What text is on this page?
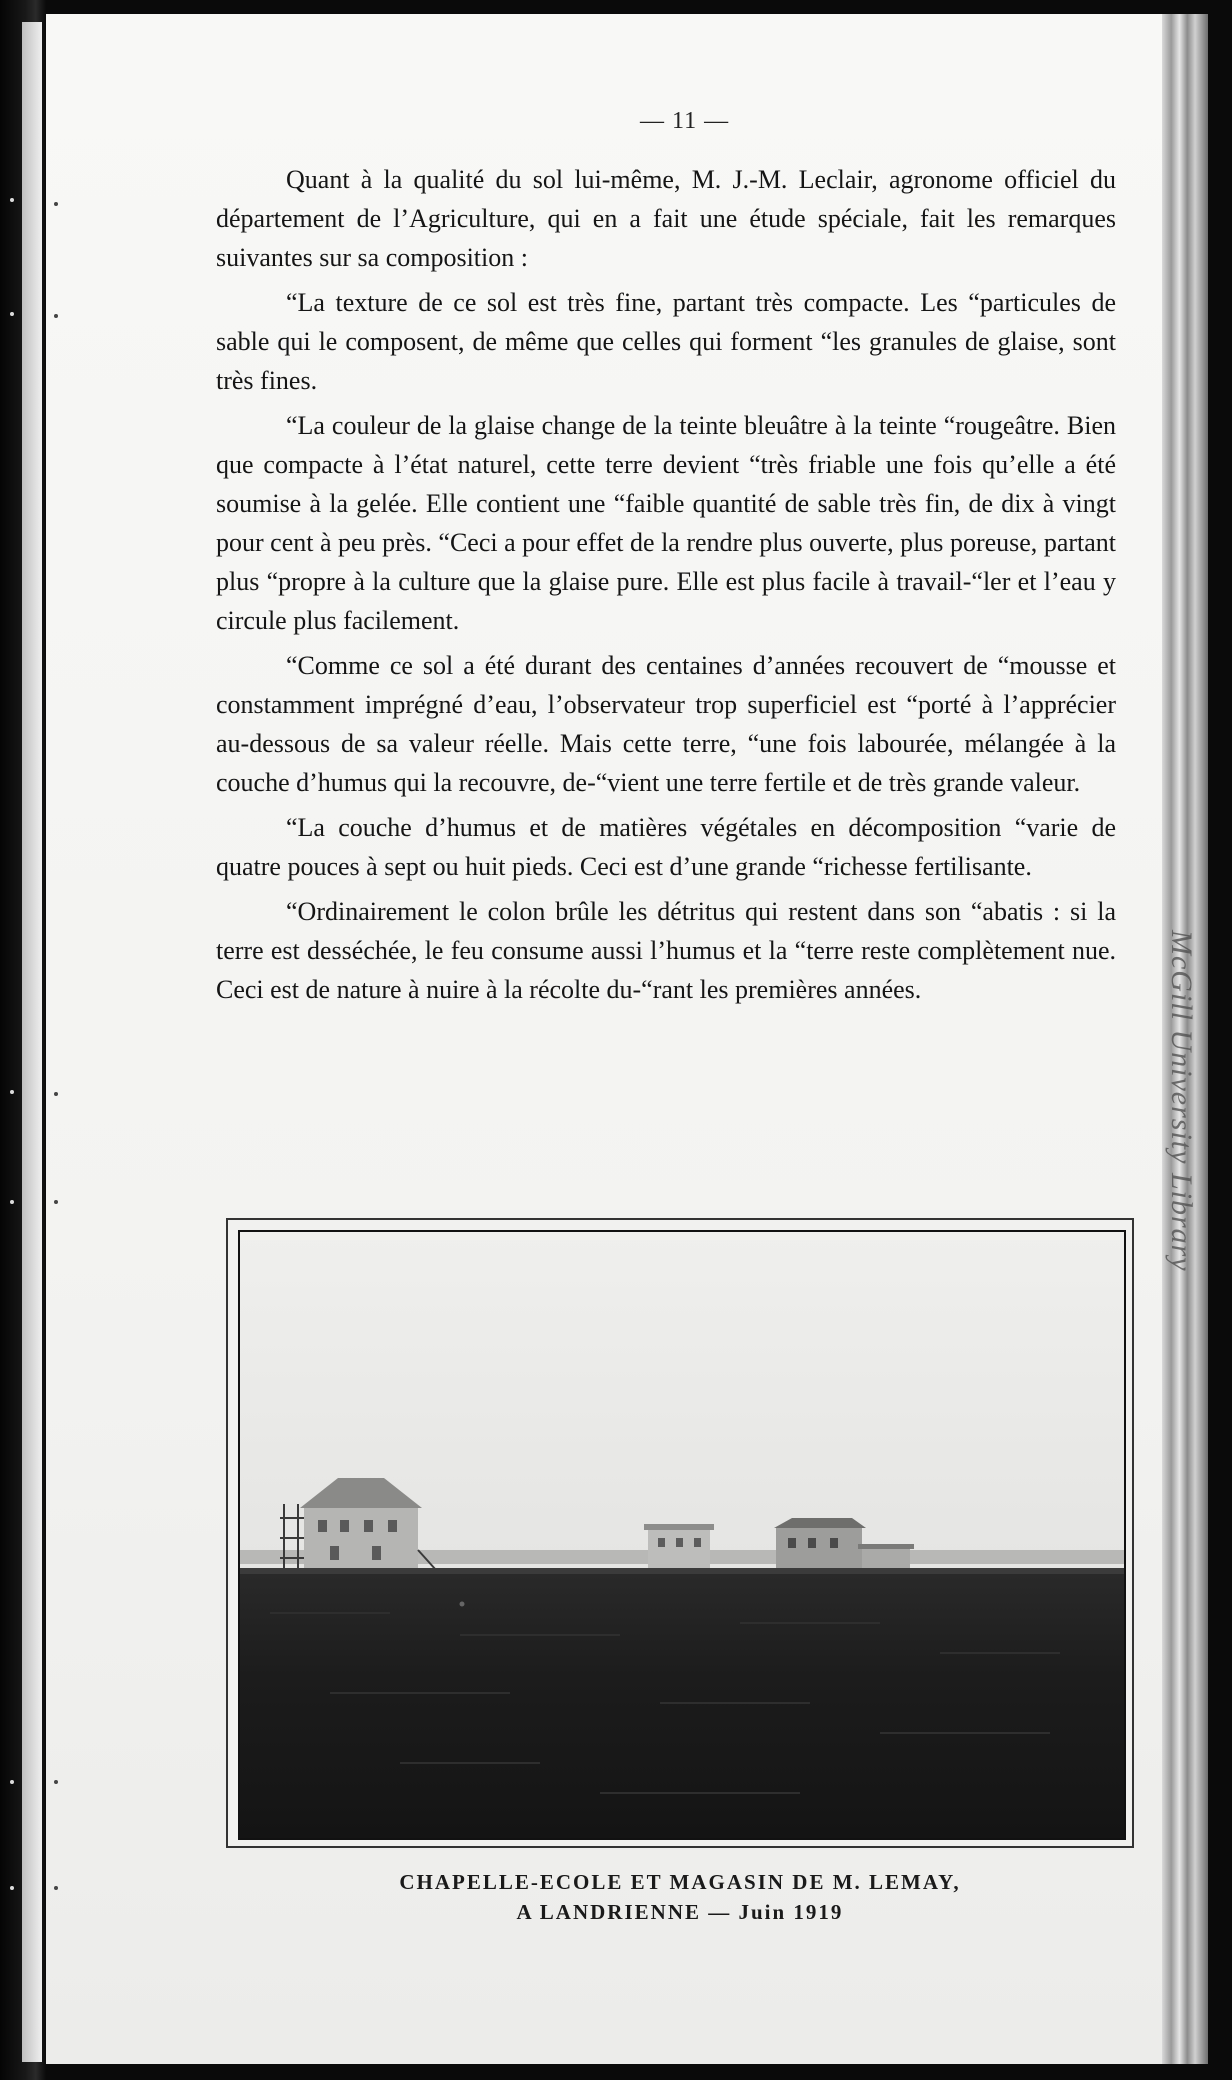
McGill University Library
— 11 —

Quant à la qualité du sol lui-même, M. J.-M. Leclair, agronome officiel du département de l’Agriculture, qui en a fait une étude spéciale, fait les remarques suivantes sur sa composition :

“La texture de ce sol est très fine, partant très compacte. Les “particules de sable qui le composent, de même que celles qui forment “les granules de glaise, sont très fines.

“La couleur de la glaise change de la teinte bleuâtre à la teinte “rougeâtre. Bien que compacte à l’état naturel, cette terre devient “très friable une fois qu’elle a été soumise à la gelée. Elle contient une “faible quantité de sable très fin, de dix à vingt pour cent à peu près. “Ceci a pour effet de la rendre plus ouverte, plus poreuse, partant plus “propre à la culture que la glaise pure. Elle est plus facile à travail-“ler et l’eau y circule plus facilement.

“Comme ce sol a été durant des centaines d’années recouvert de “mousse et constamment imprégné d’eau, l’observateur trop superficiel est “porté à l’apprécier au-dessous de sa valeur réelle. Mais cette terre, “une fois labourée, mélangée à la couche d’humus qui la recouvre, de-“vient une terre fertile et de très grande valeur.

“La couche d’humus et de matières végétales en décomposition “varie de quatre pouces à sept ou huit pieds. Ceci est d’une grande “richesse fertilisante.

“Ordinairement le colon brûle les détritus qui restent dans son “abatis : si la terre est desséchée, le feu consume aussi l’humus et la “terre reste complètement nue. Ceci est de nature à nuire à la récolte du-“rant les premières années.

CHAPELLE-ECOLE ET MAGASIN DE M. LEMAY,
A LANDRIENNE — Juin 1919
